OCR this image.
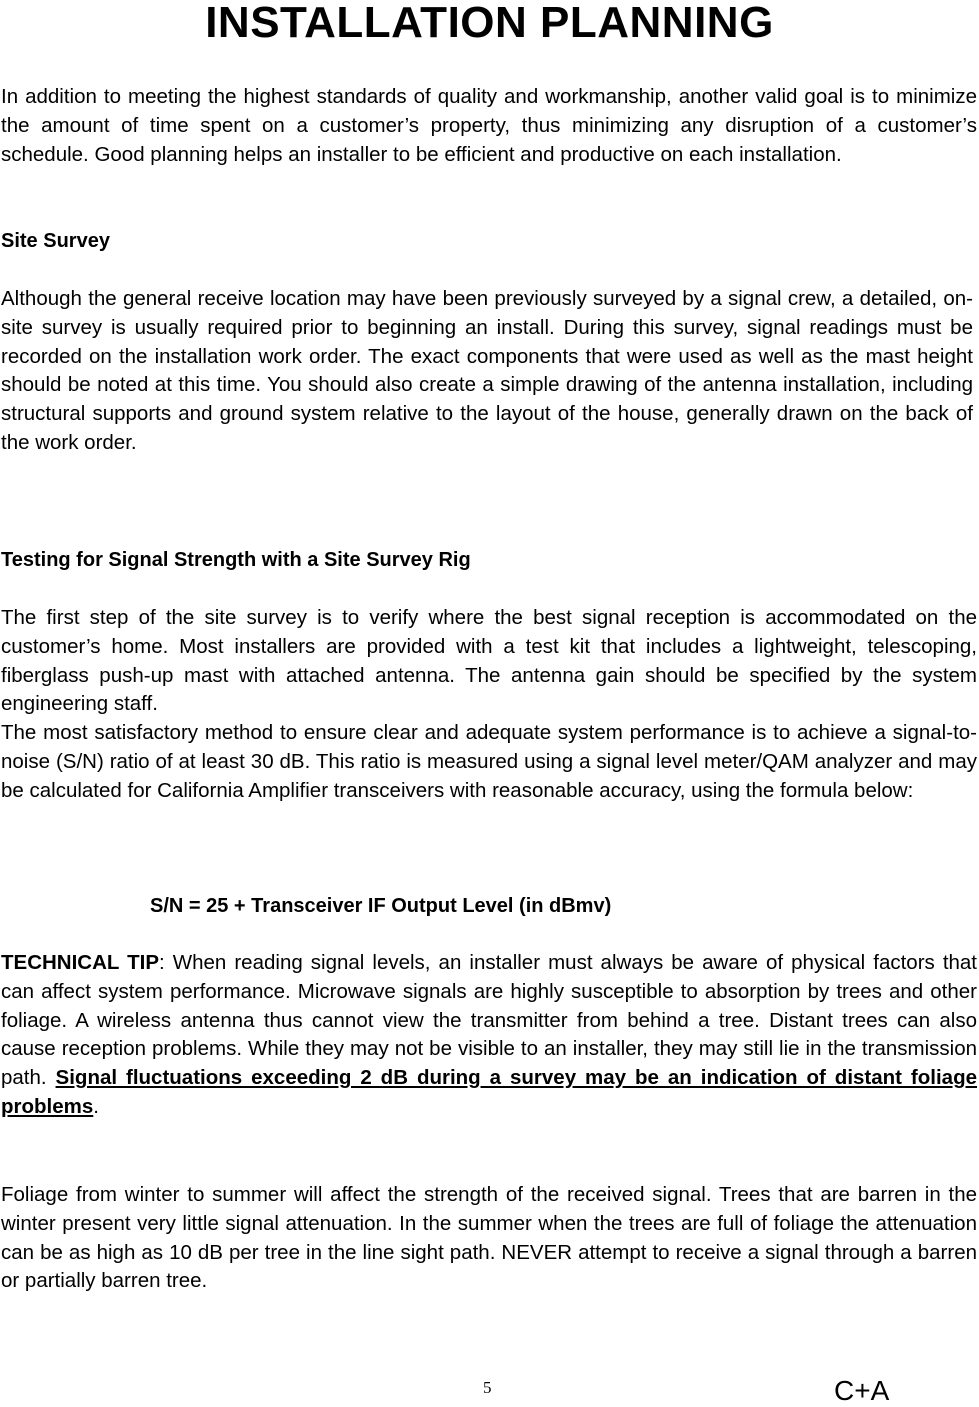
INSTALLATION PLANNING

In addition to meeting the highest standards of quality and workmanship, another valid goal is to minimize the amount of time spent on a customer’s property, thus minimizing any disruption of a customer’s schedule. Good planning helps an installer to be efficient and productive on each installation.

Site Survey

Although the general receive location may have been previously surveyed by a signal crew, a detailed, on-site survey is usually required prior to beginning an install. During this survey, signal readings must be recorded on the installation work order. The exact components that were used as well as the mast height should be noted at this time. You should also create a simple drawing of the antenna installation, including structural supports and ground system relative to the layout of the house, generally drawn on the back of the work order.

Testing for Signal Strength with a Site Survey Rig

The first step of the site survey is to verify where the best signal reception is accommodated on the customer’s home. Most installers are provided with a test kit that includes a lightweight, telescoping, fiberglass push-up mast with attached antenna. The antenna gain should be specified by the system engineering staff.

The most satisfactory method to ensure clear and adequate system performance is to achieve a signal-to-noise (S/N) ratio of at least 30 dB. This ratio is measured using a signal level meter/QAM analyzer and may be calculated for California Amplifier transceivers with reasonable accuracy, using the formula below:

S/N = 25 + Transceiver IF Output Level (in dBmv)

TECHNICAL TIP: When reading signal levels, an installer must always be aware of physical factors that can affect system performance. Microwave signals are highly susceptible to absorption by trees and other foliage. A wireless antenna thus cannot view the transmitter from behind a tree. Distant trees can also cause reception problems. While they may not be visible to an installer, they may still lie in the transmission path. Signal fluctuations exceeding 2 dB during a survey may be an indication of distant foliage problems.

Foliage from winter to summer will affect the strength of the received signal. Trees that are barren in the winter present very little signal attenuation. In the summer when the trees are full of foliage the attenuation can be as high as 10 dB per tree in the line sight path. NEVER attempt to receive a signal through a barren or partially barren tree.

5	C+A
